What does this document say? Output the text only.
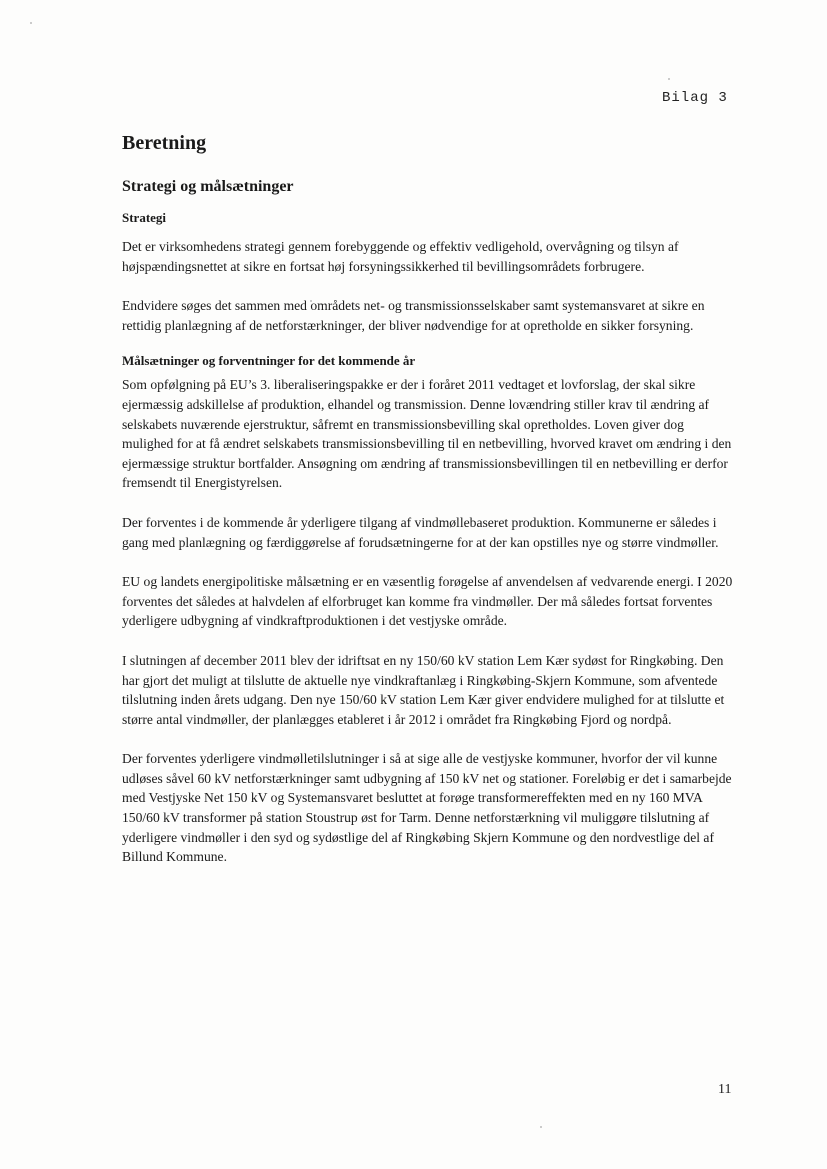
Bilag 3
Beretning
Strategi og målsætninger
Strategi

Det er virksomhedens strategi gennem forebyggende og effektiv vedligehold, overvågning og tilsyn af højspændingsnettet at sikre en fortsat høj forsyningssikkerhed til bevillingsområdets forbrugere.

Endvidere søges det sammen med områdets net- og transmissionsselskaber samt systemansvaret at sikre en rettidig planlægning af de netforstærkninger, der bliver nødvendige for at opretholde en sikker forsyning.

Målsætninger og forventninger for det kommende år

Som opfølgning på EU’s 3. liberaliseringspakke er der i foråret 2011 vedtaget et lovforslag, der skal sikre ejermæssig adskillelse af produktion, elhandel og transmission. Denne lovændring stiller krav til ændring af selskabets nuværende ejerstruktur, såfremt en transmissionsbevilling skal opretholdes. Loven giver dog mulighed for at få ændret selskabets transmissionsbevilling til en netbevilling, hvorved kravet om ændring i den ejermæssige struktur bortfalder. Ansøgning om ændring af transmissionsbevillingen til en netbevilling er derfor fremsendt til Energistyrelsen.

Der forventes i de kommende år yderligere tilgang af vindmøllebaseret produktion. Kommunerne er således i gang med planlægning og færdiggørelse af forudsætningerne for at der kan opstilles nye og større vindmøller.

EU og landets energipolitiske målsætning er en væsentlig forøgelse af anvendelsen af vedvarende energi. I 2020 forventes det således at halvdelen af elforbruget kan komme fra vindmøller. Der må således fortsat forventes yderligere udbygning af vindkraftproduktionen i det vestjyske område.

I slutningen af december 2011 blev der idriftsat en ny 150/60 kV station Lem Kær sydøst for Ringkøbing. Den har gjort det muligt at tilslutte de aktuelle nye vindkraftanlæg i Ringkøbing-Skjern Kommune, som afventede tilslutning inden årets udgang. Den nye 150/60 kV station Lem Kær giver endvidere mulighed for at tilslutte et større antal vindmøller, der planlægges etableret i år 2012 i området fra Ringkøbing Fjord og nordpå.

Der forventes yderligere vindmølletilslutninger i så at sige alle de vestjyske kommuner, hvorfor der vil kunne udløses såvel 60 kV netforstærkninger samt udbygning af 150 kV net og stationer. Foreløbig er det i samarbejde med Vestjyske Net 150 kV og Systemansvaret besluttet at forøge transformereffekten med en ny 160 MVA 150/60 kV transformer på station Stoustrup øst for Tarm. Denne netforstærkning vil muliggøre tilslutning af yderligere vindmøller i den syd og sydøstlige del af Ringkøbing Skjern Kommune og den nordvestlige del af Billund Kommune.

11
